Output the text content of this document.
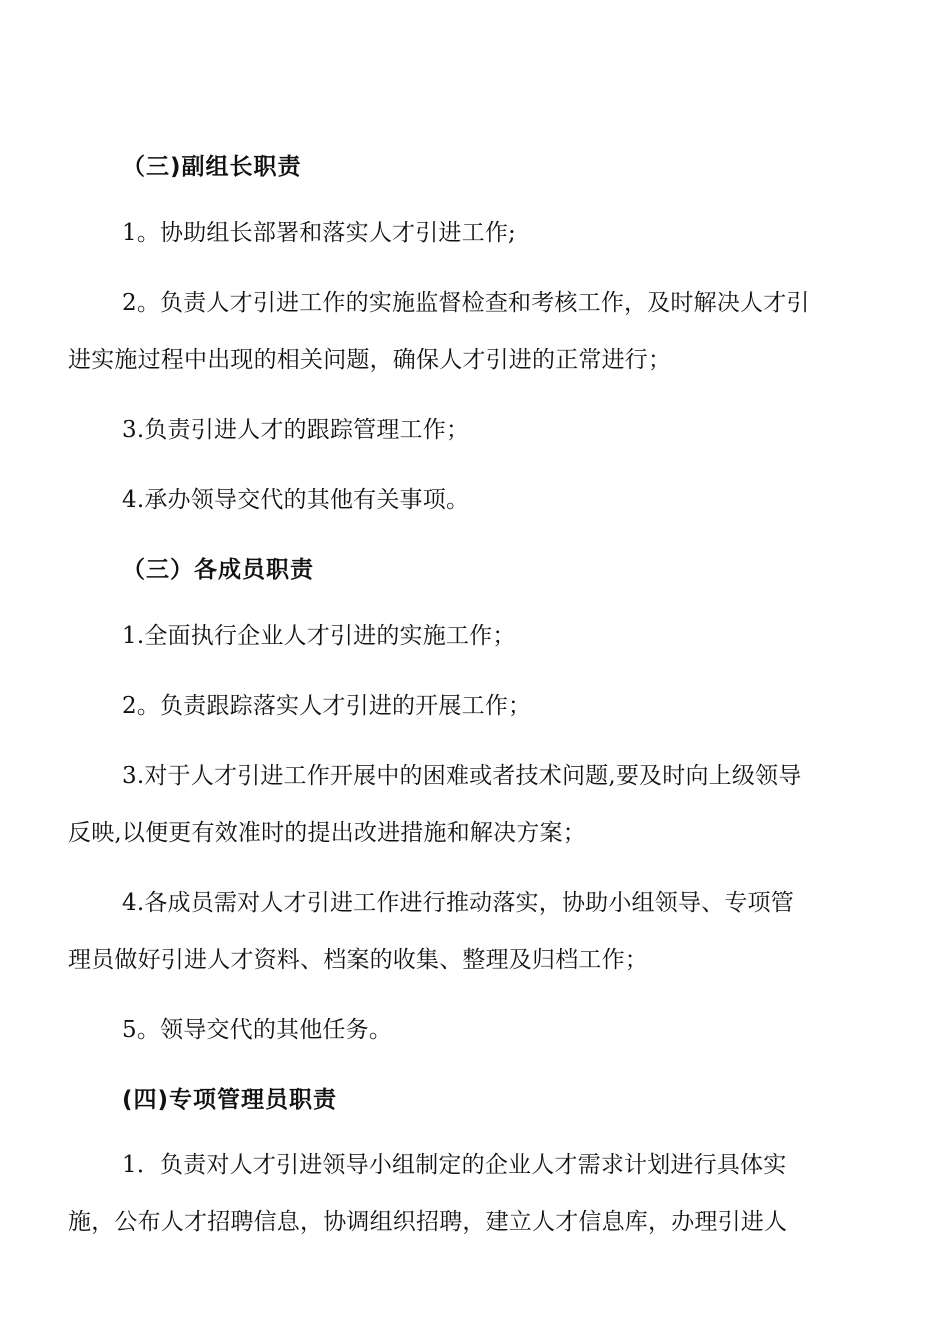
（三)副组长职责
1。协助组长部署和落实人才引进工作;
2。负责人才引进工作的实施监督检查和考核工作，及时解决人才引
进实施过程中出现的相关问题，确保人才引进的正常进行；
3.负责引进人才的跟踪管理工作；
4.承办领导交代的其他有关事项。
（三）各成员职责
1.全面执行企业人才引进的实施工作；
2。负责跟踪落实人才引进的开展工作；
3.对于人才引进工作开展中的困难或者技术问题,要及时向上级领导
反映,以便更有效准时的提出改进措施和解决方案；
4.各成员需对人才引进工作进行推动落实，协助小组领导、专项管
理员做好引进人才资料、档案的收集、整理及归档工作；
5。领导交代的其他任务。
(四)专项管理员职责
1．负责对人才引进领导小组制定的企业人才需求计划进行具体实
施，公布人才招聘信息，协调组织招聘，建立人才信息库，办理引进人
